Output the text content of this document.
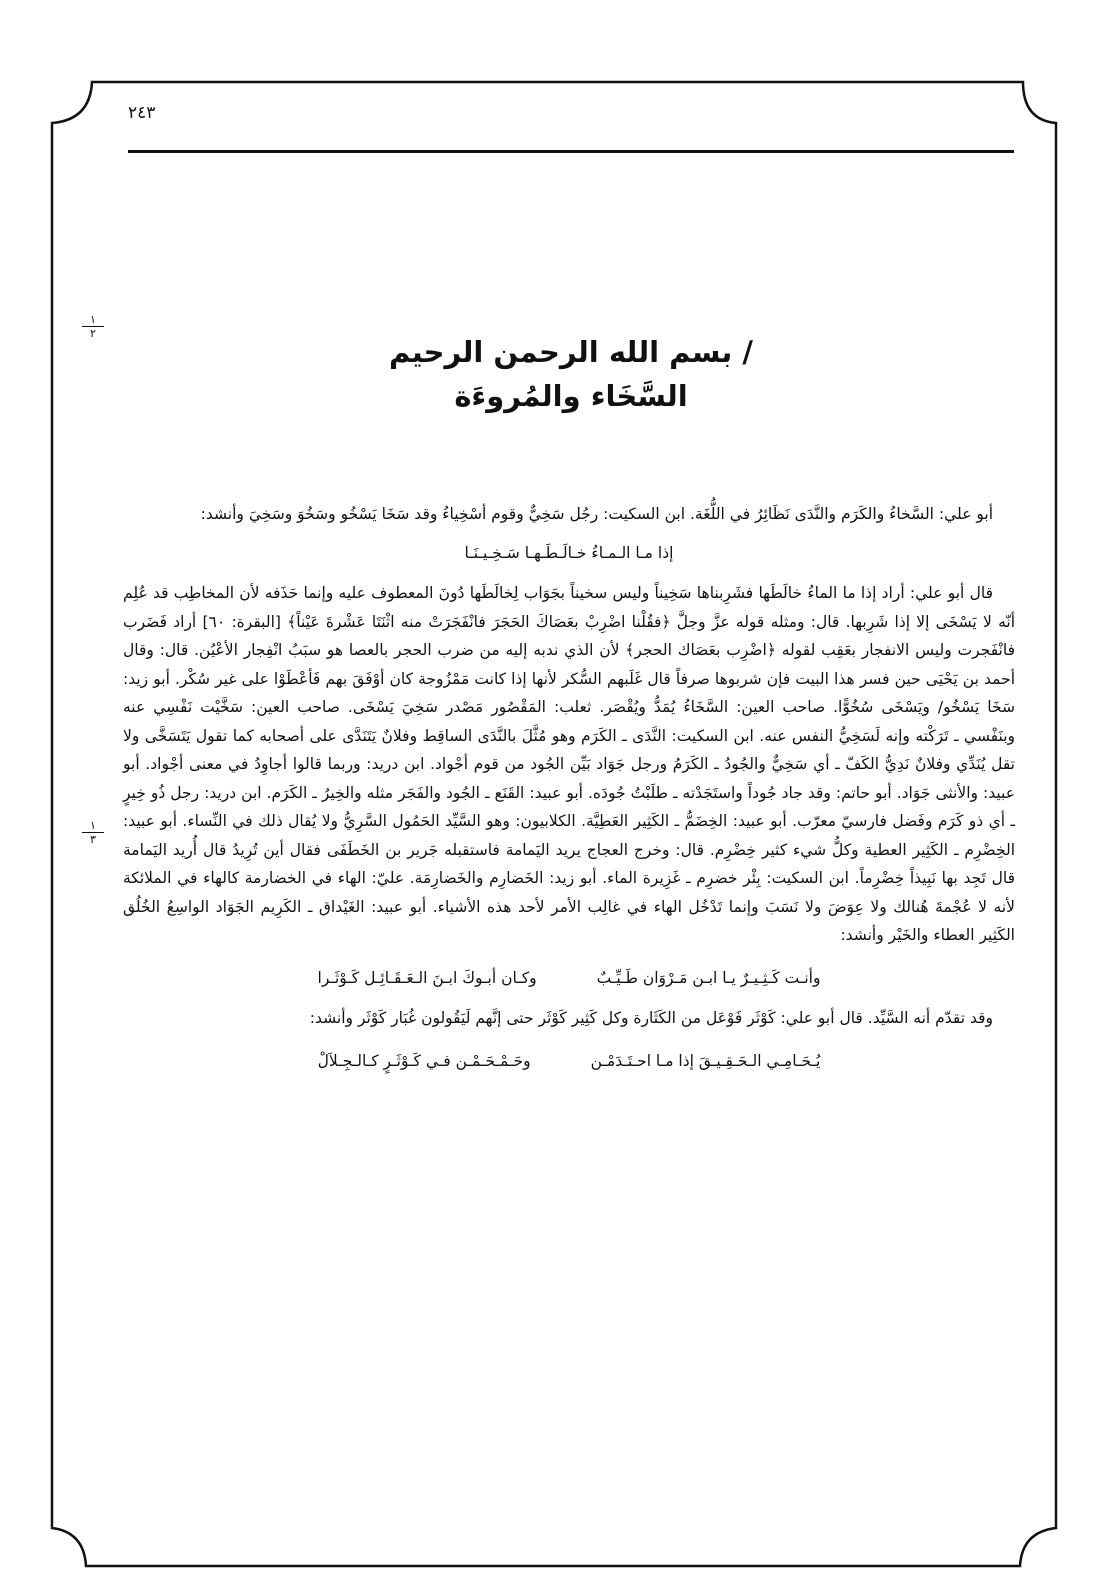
٢٤٣
١
٢
١
٣
/ بسم الله الرحمن الرحيم
السَّخَاء والمُروءَة

أبو علي: السَّخاءُ والكَرَم والنَّدَى نَظَائِرُ في اللُّغَة. ابن السكيت: رجُل سَخِيٌّ وقوم أسْخِياءُ وقد سَخَا يَسْخُو وسَخُوَ وسَخِيَ وأنشد:

إذا مـا الـمـاءُ خـالَـطَـهـا سَـخِـيـنَـا

قال أبو علي: أراد إذا ما الماءُ خالَطَها فشَرِبناها سَخِيناً وليس سخيناً بجَوَاب لِخالَطَها دُونَ المعطوف عليه وإنما حَذَفه لأن المخاطِب قد عُلِم أنّه لا يَسْخَى إلا إذا شَرِبها. قال: ومثله قوله عزَّ وجلَّ ﴿فقُلْنا اضْرِبْ بعَصَاكَ الحَجَرَ فانْفَجَرَتْ منه اثْنَتَا عَشْرةَ عَيْناً﴾ [البقرة: ٦٠] أراد فَضَرب فانْفَجرت وليس الانفجار بعَقِب لقوله ﴿اضْرِب بعَصَاك الحجر﴾ لأن الذي ندبه إليه من ضرب الحجر بالعصا هو سبَبُ انْفِجار الأعْيُن. قال: وقال أحمد بن يَحْيَى حين فسر هذا البيت فإن شربوها صرفاً قال غَلَبهم السُّكر لأنها إذا كانت مَمْزُوجة كان أوْفَقَ بهم فَأعْطَوْا على غير سُكْر. أبو زيد: سَخَا يَسْخُو/ ويَسْخَى سُخُوًّا. صاحب العين: السَّخَاءُ يُمَدُّ ويُقْصَر. ثعلب: المَقْصُور مَصْدر سَخِيَ يَسْخَى. صاحب العين: سَخَّيْت نَفْسِي عنه وبنَفْسي ـ تَرَكْته وإنه لَسَخِيُّ النفس عنه. ابن السكيت: النَّدَى ـ الكَرَم وهو مُثَّلَ بالنَّدَى الساقِط وفلانٌ يَتَنَدَّى على أصحابه كما تقول يَتَسَخَّى ولا تقل يُنَدِّي وفلانٌ نَدِيُّ الكَفّ ـ أي سَخِيٌّ والجُودُ ـ الكَرَمُ ورجل جَوَاد بَيِّن الجُود من قوم أجْواد. ابن دريد: وربما قالوا أجاوِدُ في معنى أجْواد. أبو عبيد: والأنثى جَوَاد. أبو حاتم: وقد جاد جُوداً واستَجَدْته ـ طلَبْتُ جُودَه. أبو عبيد: القَنَع ـ الجُود والفَجَر مثله والخِيرُ ـ الكَرَم. ابن دريد: رجل ذُو خِيرٍ ـ أي ذو كَرَم وفَضل فارسيّ معرّب. أبو عبيد: الخِضَمُّ ـ الكَثِير العَطِيَّة. الكلابيون: وهو السَّيِّد الحَمُول السَّرِيُّ ولا يُقال ذلك في النِّساء. أبو عبيد: الخِضْرِم ـ الكَثِير العطية وكلُّ شيء كثير خِضْرِم. قال: وخرج العجاج يريد اليَمامة فاستقبله جَرير بن الخَطَفَى فقال أين تُرِيدُ قال أُريد اليَمامة قال تَجِد بها نَبِيذاً خِضْرِماً. ابن السكيت: بِئْر خضرِم ـ غَزِيرة الماء. أبو زيد: الخَضارِم والخَضارِمَة. عليّ: الهاء في الخضارمة كالهاء في الملائكة لأنه لا عُجْمةَ هُنالك ولا عِوَضَ ولا نَسَبَ وإنما تَدْخُل الهاء في غالِب الأمر لأحد هذه الأشياء. أبو عبيد: الغَيْداق ـ الكَرِيم الجَوَاد الواسِعُ الخُلُق الكَثِير العطاء والخَيْر وأنشد:

وأنـت كَـثِـيـرٌ يـا ابـن مَـرْوَان طَـيِّـبٌ
وكـان أبـوكَ ابـنَ الـعَـقَـائِـل كَـوْثَـرا

وقد تقدّم أنه السَّيِّد. قال أبو علي: كَوْثَر فَوْعَل من الكَثَارة وكل كَثِير كَوْثَر حتى إنَّهم لَيَقُولون غُبَار كَوْثَر وأنشد:

يُـحَـامِـي الـحَـقِـيـقَ إذا مـا احـتَـدَمْـن
وحَـمْـحَـمْـن فـي كَـوْثَـرٍ كـالـجِـلاَلْ
